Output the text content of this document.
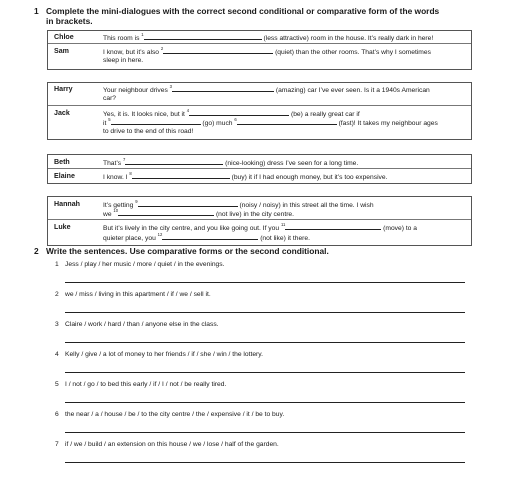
1 Complete the mini-dialogues with the correct second conditional or comparative form of the words
in brackets.
Chloe
Sam
This room is $^1$ (less attractive) room in the house. It’s really dark in here!
I know, but it’s also $^2$ (quiet) than the other rooms. That’s why I sometimes
sleep in here.
Harry
Jack
Your neighbour drives $^3$ (amazing) car I’ve ever seen. Is it a 1940s American
car?
Yes, it is. It looks nice, but it $^4$ (be) a really great car if
it $^5$ (go) much $^6$ (fast)! It takes my neighbour ages
to drive to the end of this road!
Beth
Elaine
That’s $^7$ (nice-looking) dress I’ve seen for a long time.
I know. I $^8$ (buy) it if I had enough money, but it’s too expensive.
Hannah
Luke
It’s getting $^9$ (noisy / noisy) in this street all the time. I wish
we $^{10}$ (not live) in the city centre.
But it’s lively in the city centre, and you like going out. If you $^{11}$ (move) to a
quieter place, you $^{12}$ (not like) it there.
2 Write the sentences. Use comparative forms or the second conditional.
1 Jess / play / her music / more / quiet / in the evenings.
2 we / miss / living in this apartment / if / we / sell it.
3 Claire / work / hard / than / anyone else in the class.
4 Kelly / give / a lot of money to her friends / if / she / win / the lottery.
5 I / not / go / to bed this early / if / I / not / be really tired.
6 the near / a / house / be / to the city centre / the / expensive / it / be to buy.
7 if / we / build / an extension on this house / we / lose / half of the garden.
